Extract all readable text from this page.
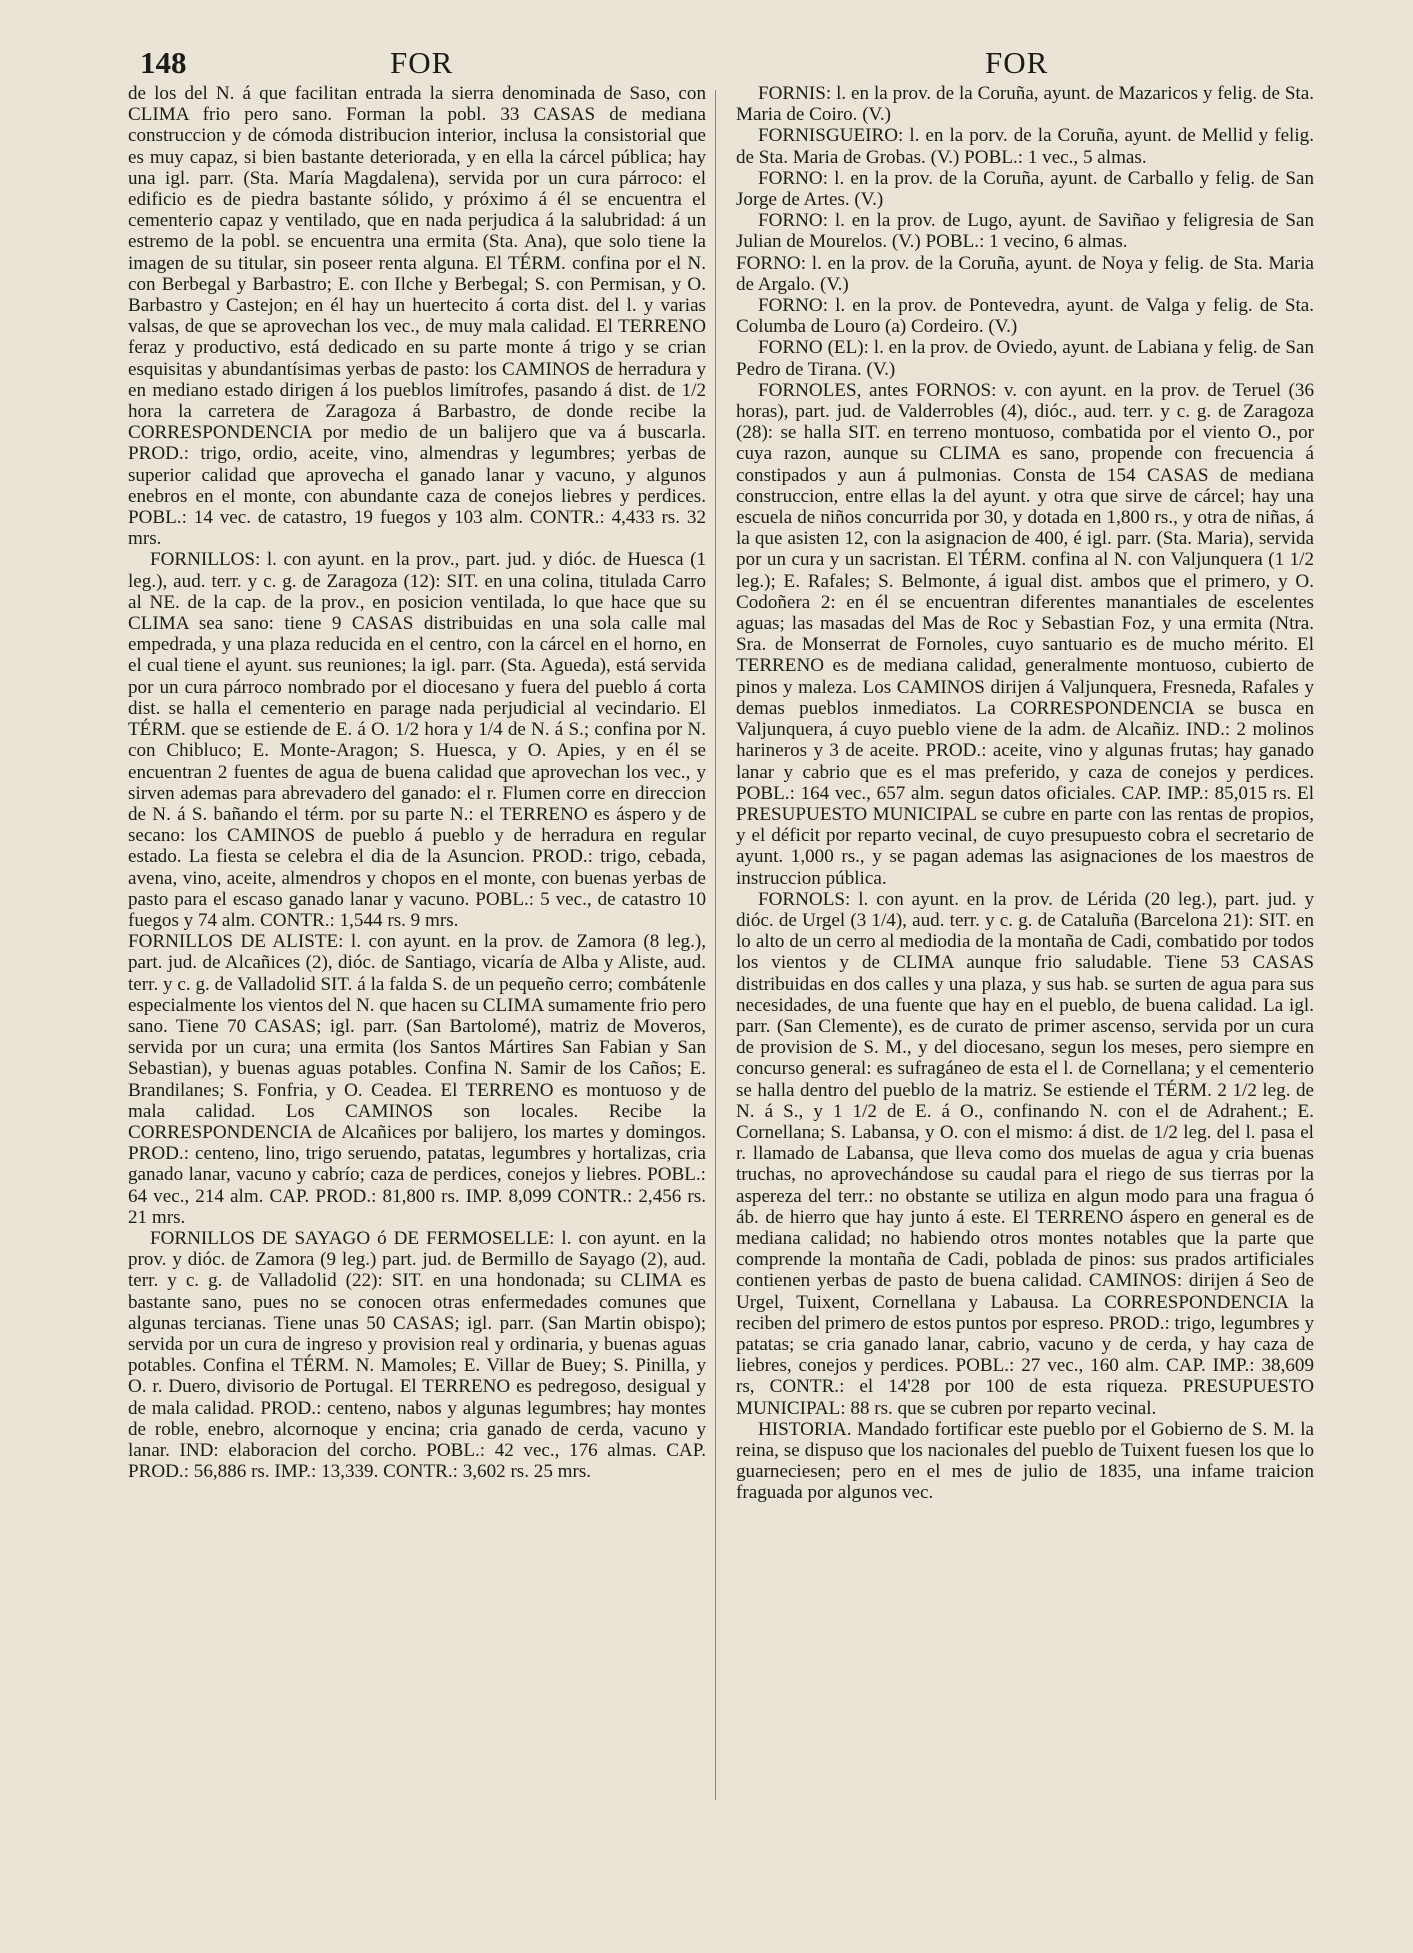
148	FOR	FOR

de los del N. á que facilitan entrada la sierra denominada de Saso, con CLIMA frio pero sano. Forman la pobl. 33 CASAS de mediana construccion y de cómoda distribucion interior, inclusa la consistorial que es muy capaz, si bien bastante deteriorada, y en ella la cárcel pública; hay una igl. parr. (Sta. María Magdalena), servida por un cura párroco: el edificio es de piedra bastante sólido, y próximo á él se encuentra el cementerio capaz y ventilado, que en nada perjudica á la salubridad: á un estremo de la pobl. se encuentra una ermita (Sta. Ana), que solo tiene la imagen de su titular, sin poseer renta alguna. El TÉRM. confina por el N. con Berbegal y Barbastro; E. con Ilche y Berbegal; S. con Permisan, y O. Barbastro y Castejon; en él hay un huertecito á corta dist. del l. y varias valsas, de que se aprovechan los vec., de muy mala calidad. El TERRENO feraz y productivo, está dedicado en su parte monte á trigo y se crian esquisitas y abundantísimas yerbas de pasto: los CAMINOS de herradura y en mediano estado dirigen á los pueblos limítrofes, pasando á dist. de 1/2 hora la carretera de Zaragoza á Barbastro, de donde recibe la CORRESPONDENCIA por medio de un balijero que va á buscarla. PROD.: trigo, ordio, aceite, vino, almendras y legumbres; yerbas de superior calidad que aprovecha el ganado lanar y vacuno, y algunos enebros en el monte, con abundante caza de conejos liebres y perdices. POBL.: 14 vec. de catastro, 19 fuegos y 103 alm. CONTR.: 4,433 rs. 32 mrs.

FORNILLOS: l. con ayunt. en la prov., part. jud. y dióc. de Huesca (1 leg.), aud. terr. y c. g. de Zaragoza (12): SIT. en una colina, titulada Carro al NE. de la cap. de la prov., en posicion ventilada, lo que hace que su CLIMA sea sano: tiene 9 CASAS distribuidas en una sola calle mal empedrada, y una plaza reducida en el centro, con la cárcel en el horno, en el cual tiene el ayunt. sus reuniones; la igl. parr. (Sta. Agueda), está servida por un cura párroco nombrado por el diocesano y fuera del pueblo á corta dist. se halla el cementerio en parage nada perjudicial al vecindario. El TÉRM. que se estiende de E. á O. 1/2 hora y 1/4 de N. á S.; confina por N. con Chibluco; E. Monte-Aragon; S. Huesca, y O. Apies, y en él se encuentran 2 fuentes de agua de buena calidad que aprovechan los vec., y sirven ademas para abrevadero del ganado: el r. Flumen corre en direccion de N. á S. bañando el térm. por su parte N.: el TERRENO es áspero y de secano: los CAMINOS de pueblo á pueblo y de herradura en regular estado. La fiesta se celebra el dia de la Asuncion. PROD.: trigo, cebada, avena, vino, aceite, almendros y chopos en el monte, con buenas yerbas de pasto para el escaso ganado lanar y vacuno. POBL.: 5 vec., de catastro 10 fuegos y 74 alm. CONTR.: 1,544 rs. 9 mrs.

FORNILLOS DE ALISTE: l. con ayunt. en la prov. de Zamora (8 leg.), part. jud. de Alcañices (2), dióc. de Santiago, vicaría de Alba y Aliste, aud. terr. y c. g. de Valladolid SIT. á la falda S. de un pequeño cerro; combátenle especialmente los vientos del N. que hacen su CLIMA sumamente frio pero sano. Tiene 70 CASAS; igl. parr. (San Bartolomé), matriz de Moveros, servida por un cura; una ermita (los Santos Mártires San Fabian y San Sebastian), y buenas aguas potables. Confina N. Samir de los Caños; E. Brandilanes; S. Fonfria, y O. Ceadea. El TERRENO es montuoso y de mala calidad. Los CAMINOS son locales. Recibe la CORRESPONDENCIA de Alcañices por balijero, los martes y domingos. PROD.: centeno, lino, trigo seruendo, patatas, legumbres y hortalizas, cria ganado lanar, vacuno y cabrío; caza de perdices, conejos y liebres. POBL.: 64 vec., 214 alm. CAP. PROD.: 81,800 rs. IMP. 8,099 CONTR.: 2,456 rs. 21 mrs.

FORNILLOS DE SAYAGO ó DE FERMOSELLE: l. con ayunt. en la prov. y dióc. de Zamora (9 leg.) part. jud. de Bermillo de Sayago (2), aud. terr. y c. g. de Valladolid (22): SIT. en una hondonada; su CLIMA es bastante sano, pues no se conocen otras enfermedades comunes que algunas tercianas. Tiene unas 50 CASAS; igl. parr. (San Martin obispo); servida por un cura de ingreso y provision real y ordinaria, y buenas aguas potables. Confina el TÉRM. N. Mamoles; E. Villar de Buey; S. Pinilla, y O. r. Duero, divisorio de Portugal. El TERRENO es pedregoso, desigual y de mala calidad. PROD.: centeno, nabos y algunas legumbres; hay montes de roble, enebro, alcornoque y encina; cria ganado de cerda, vacuno y lanar. IND: elaboracion del corcho. POBL.: 42 vec., 176 almas. CAP. PROD.: 56,886 rs. IMP.: 13,339. CONTR.: 3,602 rs. 25 mrs.

FORNIS: l. en la prov. de la Coruña, ayunt. de Mazaricos y felig. de Sta. Maria de Coiro. (V.)

FORNISGUEIRO: l. en la porv. de la Coruña, ayunt. de Mellid y felig. de Sta. Maria de Grobas. (V.) POBL.: 1 vec., 5 almas.

FORNO: l. en la prov. de la Coruña, ayunt. de Carballo y felig. de San Jorge de Artes. (V.)

FORNO: l. en la prov. de Lugo, ayunt. de Saviñao y feligresia de San Julian de Mourelos. (V.) POBL.: 1 vecino, 6 almas.

FORNO: l. en la prov. de la Coruña, ayunt. de Noya y felig. de Sta. Maria de Argalo. (V.)

FORNO: l. en la prov. de Pontevedra, ayunt. de Valga y felig. de Sta. Columba de Louro (a) Cordeiro. (V.)

FORNO (EL): l. en la prov. de Oviedo, ayunt. de Labiana y felig. de San Pedro de Tirana. (V.)

FORNOLES, antes FORNOS: v. con ayunt. en la prov. de Teruel (36 horas), part. jud. de Valderrobles (4), dióc., aud. terr. y c. g. de Zaragoza (28): se halla SIT. en terreno montuoso, combatida por el viento O., por cuya razon, aunque su CLIMA es sano, propende con frecuencia á constipados y aun á pulmonias. Consta de 154 CASAS de mediana construccion, entre ellas la del ayunt. y otra que sirve de cárcel; hay una escuela de niños concurrida por 30, y dotada en 1,800 rs., y otra de niñas, á la que asisten 12, con la asignacion de 400, é igl. parr. (Sta. Maria), servida por un cura y un sacristan. El TÉRM. confina al N. con Valjunquera (1 1/2 leg.); E. Rafales; S. Belmonte, á igual dist. ambos que el primero, y O. Codoñera 2: en él se encuentran diferentes manantiales de escelentes aguas; las masadas del Mas de Roc y Sebastian Foz, y una ermita (Ntra. Sra. de Monserrat de Fornoles, cuyo santuario es de mucho mérito. El TERRENO es de mediana calidad, generalmente montuoso, cubierto de pinos y maleza. Los CAMINOS dirijen á Valjunquera, Fresneda, Rafales y demas pueblos inmediatos. La CORRESPONDENCIA se busca en Valjunquera, á cuyo pueblo viene de la adm. de Alcañiz. IND.: 2 molinos harineros y 3 de aceite. PROD.: aceite, vino y algunas frutas; hay ganado lanar y cabrio que es el mas preferido, y caza de conejos y perdices. POBL.: 164 vec., 657 alm. segun datos oficiales. CAP. IMP.: 85,015 rs. El PRESUPUESTO MUNICIPAL se cubre en parte con las rentas de propios, y el déficit por reparto vecinal, de cuyo presupuesto cobra el secretario de ayunt. 1,000 rs., y se pagan ademas las asignaciones de los maestros de instruccion pública.

FORNOLS: l. con ayunt. en la prov. de Lérida (20 leg.), part. jud. y dióc. de Urgel (3 1/4), aud. terr. y c. g. de Cataluña (Barcelona 21): SIT. en lo alto de un cerro al mediodia de la montaña de Cadi, combatido por todos los vientos y de CLIMA aunque frio saludable. Tiene 53 CASAS distribuidas en dos calles y una plaza, y sus hab. se surten de agua para sus necesidades, de una fuente que hay en el pueblo, de buena calidad. La igl. parr. (San Clemente), es de curato de primer ascenso, servida por un cura de provision de S. M., y del diocesano, segun los meses, pero siempre en concurso general: es sufragáneo de esta el l. de Cornellana; y el cementerio se halla dentro del pueblo de la matriz. Se estiende el TÉRM. 2 1/2 leg. de N. á S., y 1 1/2 de E. á O., confinando N. con el de Adrahent.; E. Cornellana; S. Labansa, y O. con el mismo: á dist. de 1/2 leg. del l. pasa el r. llamado de Labansa, que lleva como dos muelas de agua y cria buenas truchas, no aprovechándose su caudal para el riego de sus tierras por la aspereza del terr.: no obstante se utiliza en algun modo para una fragua ó áb. de hierro que hay junto á este. El TERRENO áspero en general es de mediana calidad; no habiendo otros montes notables que la parte que comprende la montaña de Cadi, poblada de pinos: sus prados artificiales contienen yerbas de pasto de buena calidad. CAMINOS: dirijen á Seo de Urgel, Tuixent, Cornellana y Labausa. La CORRESPONDENCIA la reciben del primero de estos puntos por espreso. PROD.: trigo, legumbres y patatas; se cria ganado lanar, cabrio, vacuno y de cerda, y hay caza de liebres, conejos y perdices. POBL.: 27 vec., 160 alm. CAP. IMP.: 38,609 rs, CONTR.: el 14'28 por 100 de esta riqueza. PRESUPUESTO MUNICIPAL: 88 rs. que se cubren por reparto vecinal.

HISTORIA. Mandado fortificar este pueblo por el Gobierno de S. M. la reina, se dispuso que los nacionales del pueblo de Tuixent fuesen los que lo guarneciesen; pero en el mes de julio de 1835, una infame traicion fraguada por algunos vec.
